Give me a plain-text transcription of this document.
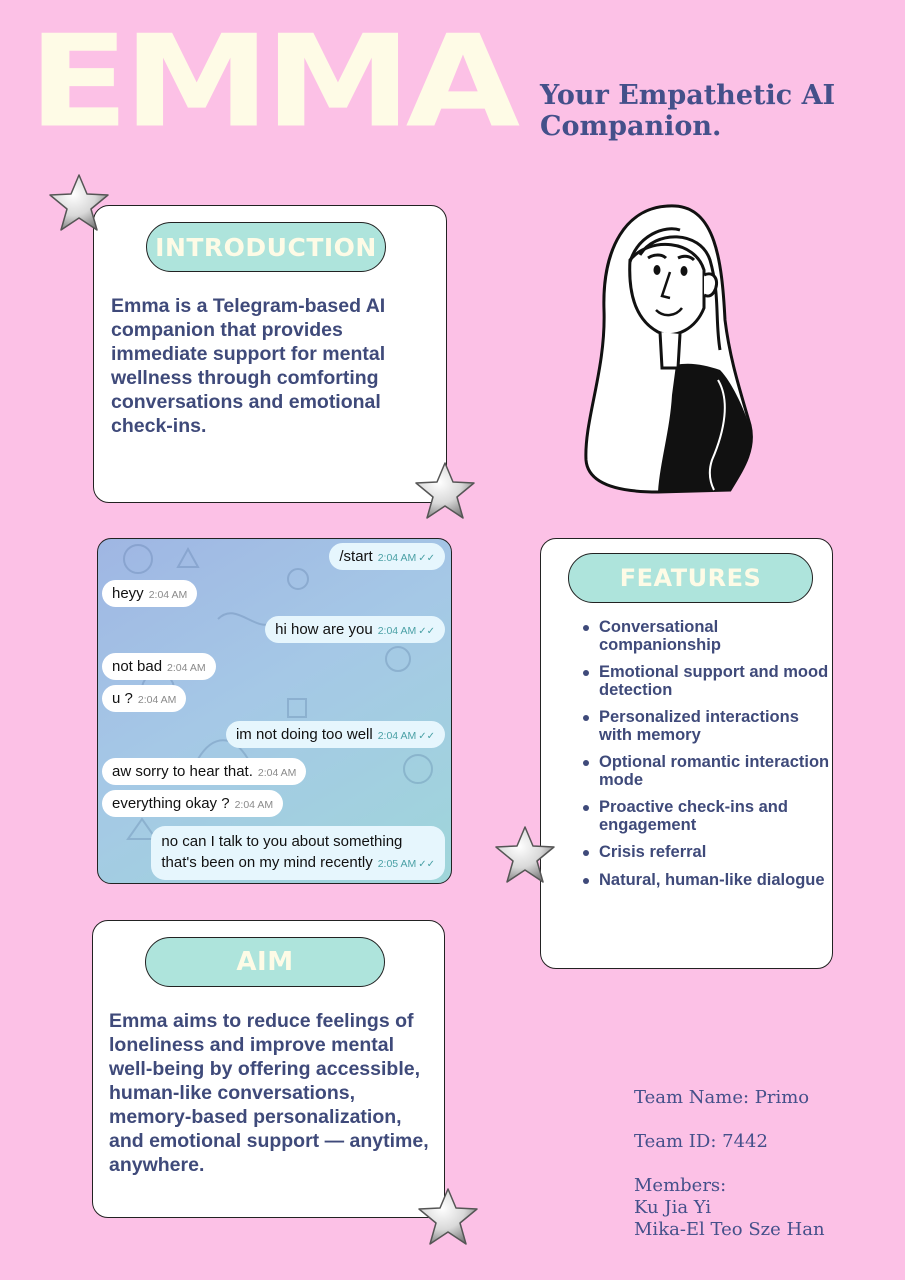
EMMA Your Empathetic AI
Companion.
INTRODUCTION
Emma is a Telegram-based AI companion that provides immediate support for mental wellness through comforting conversations and emotional check-ins.
/start 2:04 AM ✓✓
heyy 2:04 AM
hi how are you 2:04 AM ✓✓
not bad 2:04 AM
u ? 2:04 AM
im not doing too well 2:04 AM ✓✓
aw sorry to hear that. 2:04 AM
everything okay ? 2:04 AM
no can I talk to you about something
that's been on my mind recently 2:05 AM ✓✓
FEATURES
Conversational companionship
Emotional support and mood detection
Personalized interactions with memory
Optional romantic interaction mode
Proactive check-ins and engagement
Crisis referral
Natural, human-like dialogue
AIM
Emma aims to reduce feelings of loneliness and improve mental well-being by offering accessible, human-like conversations, memory-based personalization, and emotional support — anytime, anywhere.
Team Name: Primo
Team ID: 7442
Members:
Ku Jia Yi
Mika-El Teo Sze Han
